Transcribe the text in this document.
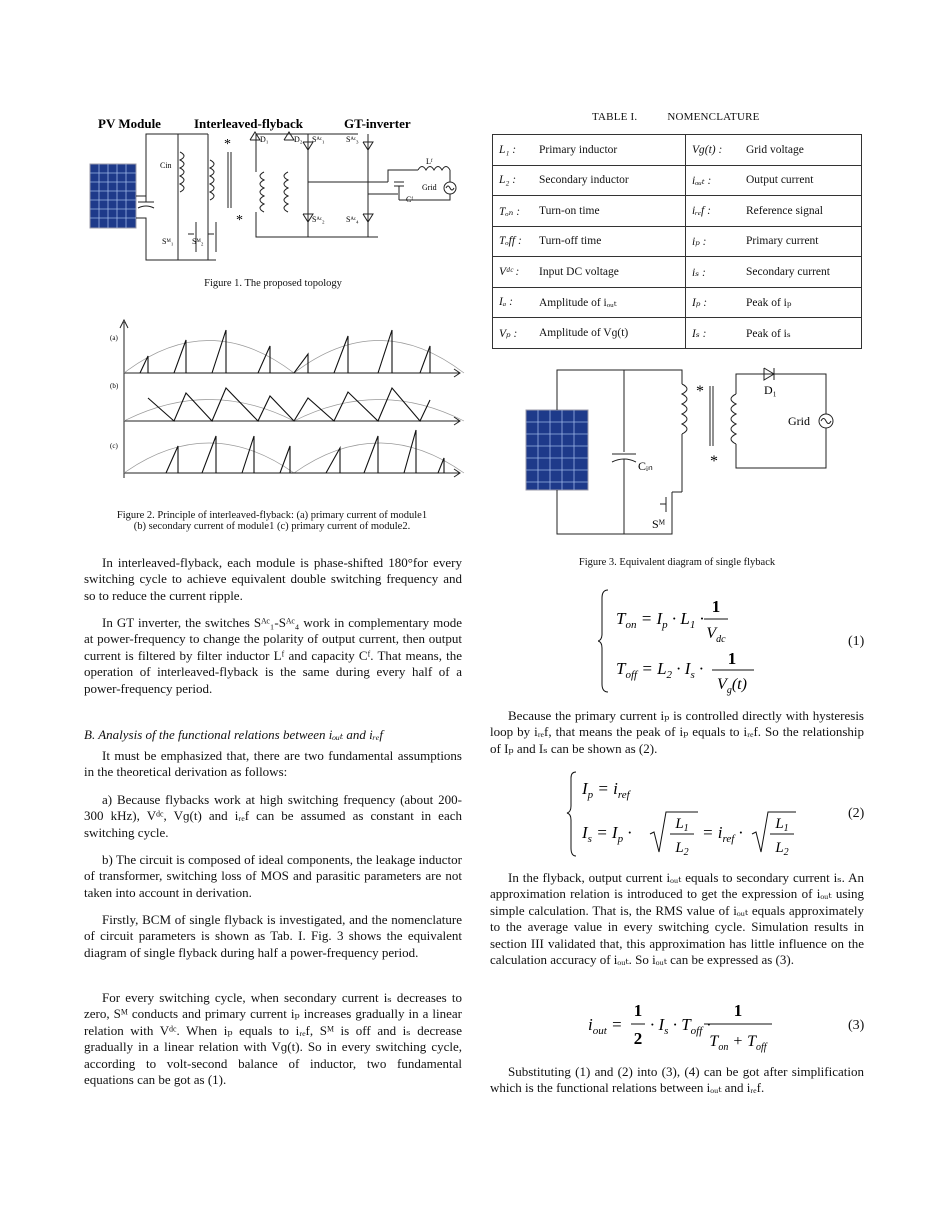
PV Module	Interleaved-flyback	GT-inverter
Cin
*
*
D₁	D₂ Sᴬᶜ₁	Sᴬᶜ₃
Sᴬᶜ₂	Sᴬᶜ₄
Lᶠ
Cᶠ
Grid
Sᴹ₁ Sᴹ₂
Figure 1. The proposed topology
(a)
(b)
(c)
Figure 2. Principle of interleaved-flyback: (a) primary current of module1
(b) secondary current of module1 (c) primary current of module2.
In interleaved-flyback, each module is phase-shifted 180°for every switching cycle to achieve equivalent double switching frequency and so to reduce the current ripple.
In GT inverter, the switches Sᴬᶜ₁-Sᴬᶜ₄ work in complementary mode at power-frequency to change the polarity of output current, then output current is filtered by filter inductor Lᶠ and capacity Cᶠ. That means, the operation of interleaved-flyback is the same during every half of a power-frequency period.
B. Analysis of the functional relations between iₒᵤₜ and iᵣₑf
It must be emphasized that, there are two fundamental assumptions in the theoretical derivation as follows:
a) Because flybacks work at high switching frequency (about 200-300 kHz), Vᵈᶜ, Vɡ(t) and iᵣₑf can be assumed as constant in each switching cycle.
b) The circuit is composed of ideal components, the leakage inductor of transformer, switching loss of MOS and parasitic parameters are not taken into account in derivation.
Firstly, BCM of single flyback is investigated, and the nomenclature of circuit parameters is shown as Tab. I. Fig. 3 shows the equivalent diagram of single flyback during half a power-frequency period.
For every switching cycle, when secondary current iₛ decreases to zero, Sᴹ conducts and primary current iₚ increases gradually in a linear relation with Vᵈᶜ. When iₚ equals to iᵣₑf, Sᴹ is off and iₛ decrease gradually in a linear relation with Vɡ(t). So in every switching cycle, according to volt-second balance of inductor, two fundamental equations can be got as (1).
TABLE I.	NOMENCLATURE
L₁ :	Primary inductor	Vɡ(t) :	Grid voltage
L₂ :	Secondary inductor	iₒᵤₜ :	Output current
Tₒₙ :	Turn-on time	iᵣₑf :	Reference signal
Tₒff :	Turn-off time	iₚ :	Primary current
Vᵈᶜ :	Input DC voltage	iₛ :	Secondary current
Iₐ :	Amplitude of iₒᵤₜ	Iₚ :	Peak of iₚ
Vₚ :	Amplitude of Vɡ(t)	Iₛ :	Peak of iₛ
*
*
D₁
Grid
Cᵢₙ
Sᴹ
Figure 3. Equivalent diagram of single flyback
$T_{on} = I_p \cdot L_1$ ·
1
$V_{dc}$
$T_{off} = L_2 \cdot I_s$ ·
1
$V_g(t)$
(1)
Because the primary current iₚ is controlled directly with hysteresis loop by iᵣₑf, that means the peak of iₚ equals to iᵣₑf. So the relationship of Iₚ and Iₛ can be shown as (2).
$I_p = i_{ref}$
$I_s = I_p$ ·	$L_1$
$L_2$
= $i_{ref} \cdot L_1$
$L_2$
(2)
In the flyback, output current iₒᵤₜ equals to secondary current iₛ. An approximation relation is introduced to get the expression of iₒᵤₜ using simple calculation. That is, the RMS value of iₒᵤₜ equals approximately to the average value in every switching cycle. Simulation results in section III validated that, this approximation has little influence on the calculation accuracy of iₒᵤₜ. So iₒᵤₜ can be expressed as (3).
$i_{out}$ =
1
2
· $I_s \cdot T_{off}$ ·
1
$T_{on} + T_{off}$
(3)
Substituting (1) and (2) into (3), (4) can be got after simplification which is the functional relations between iₒᵤₜ and iᵣₑf.
